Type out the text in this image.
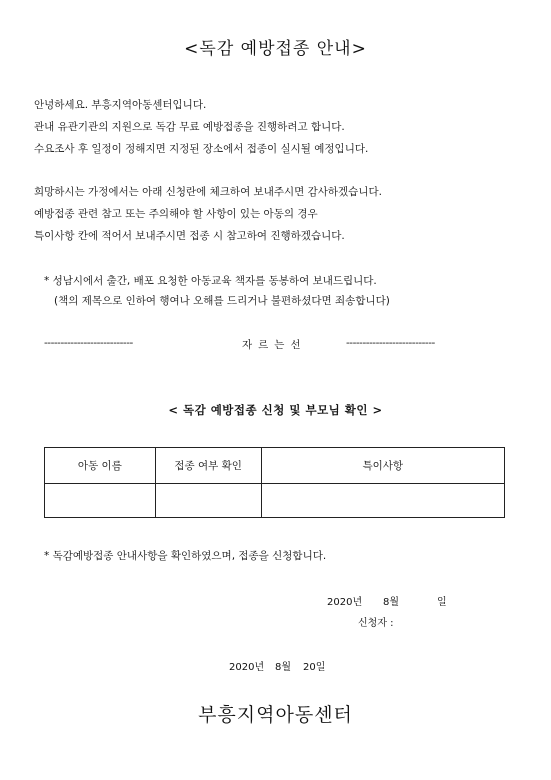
<독감 예방접종 안내>
안녕하세요. 부흥지역아동센터입니다.
관내 유관기관의 지원으로 독감 무료 예방접종을 진행하려고 합니다.
수요조사 후 일정이 정해지면 지정된 장소에서 접종이 실시될 예정입니다.
희망하시는 가정에서는 아래 신청란에 체크하여 보내주시면 감사하겠습니다.
예방접종 관련 참고 또는 주의해야 할 사항이 있는 아동의 경우
특이사항 칸에 적어서 보내주시면 접종 시 참고하여 진행하겠습니다.
* 성남시에서 출간, 배포 요청한 아동교육 책자를 동봉하여 보내드립니다.
(책의 제목으로 인하여 행여나 오해를 드리거나 불편하셨다면 죄송합니다)
---------------------------	자르는선	---------------------------
< 독감 예방접종 신청 및 부모님 확인 >
아동 이름	접종 여부 확인	특이사항

* 독감예방접종 안내사항을 확인하였으며, 접종을 신청합니다.
2020년 8월	일
신청자 :
2020년 8월 20일
부흥지역아동센터
